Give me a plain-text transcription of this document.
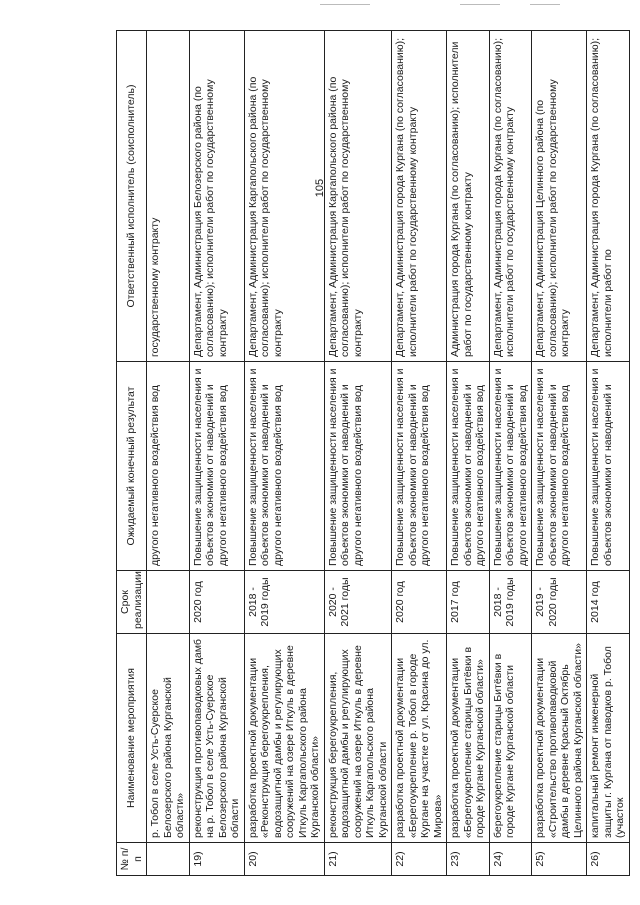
105
№ п/п	Наименование мероприятия	Срок реализации	Ожидаемый конечный результат	Ответственный исполнитель (соисполнитель)
	р. Тобол в селе Усть-Суерское Белозерского района Курганской области»		другого негативного воздействия вод	государственному контракту
19)	реконструкция противопаводковых дамб на р. Тобол в селе Усть-Суерское Белозерского района Курганской области	2020 год	Повышение защищенности населения и объектов экономики от наводнений и другого негативного воздействия вод	Департамент, Администрация Белозерского района (по согласованию); исполнители работ по государственному контракту
20)	разработка проектной документации «Реконструкция берегоукрепления, водозащитной дамбы и регулирующих сооружений на озере Иткуль в деревне Иткуль Каргапольского района Курганской области»	2018 - 2019 годы	Повышение защищенности населения и объектов экономики от наводнений и другого негативного воздействия вод	Департамент, Администрация Каргапольского района (по согласованию); исполнители работ по государственному контракту
21)	реконструкция берегоукрепления, водозащитной дамбы и регулирующих сооружений на озере Иткуль в деревне Иткуль Каргапольского района Курганской области	2020 - 2021 годы	Повышение защищенности населения и объектов экономики от наводнений и другого негативного воздействия вод	Департамент, Администрация Каргапольского района (по согласованию); исполнители работ по государственному контракту
22)	разработка проектной документации «Берегоукрепление р. Тобол в городе Кургане на участке от ул. Красина до ул. Мирова»	2020 год	Повышение защищенности населения и объектов экономики от наводнений и другого негативного воздействия вод	Департамент, Администрация города Кургана (по согласованию); исполнители работ по государственному контракту
23)	разработка проектной документации «Берегоукрепление старицы Битёвки в городе Кургане Курганской области»	2017 год	Повышение защищенности населения и объектов экономики от наводнений и другого негативного воздействия вод	Администрация города Кургана (по согласованию); исполнители работ по государственному контракту
24)	берегоукрепление старицы Битёвки в городе Кургане Курганской области	2018 - 2019 годы	Повышение защищенности населения и объектов экономики от наводнений и другого негативного воздействия вод	Департамент, Администрация города Кургана (по согласованию); исполнители работ по государственному контракту
25)	разработка проектной документации «Строительство противопаводковой дамбы в деревне Красный Октябрь Целинного района Курганской области»	2019 - 2020 годы	Повышение защищенности населения и объектов экономики от наводнений и другого негативного воздействия вод	Департамент, Администрация Целинного района (по согласованию); исполнители работ по государственному контракту
26)	капитальный ремонт инженерной защиты г. Кургана от паводков р. Тобол (участок	2014 год	Повышение защищенности населения и объектов экономики от наводнений и	Департамент, Администрация города Кургана (по согласованию); исполнители работ по
